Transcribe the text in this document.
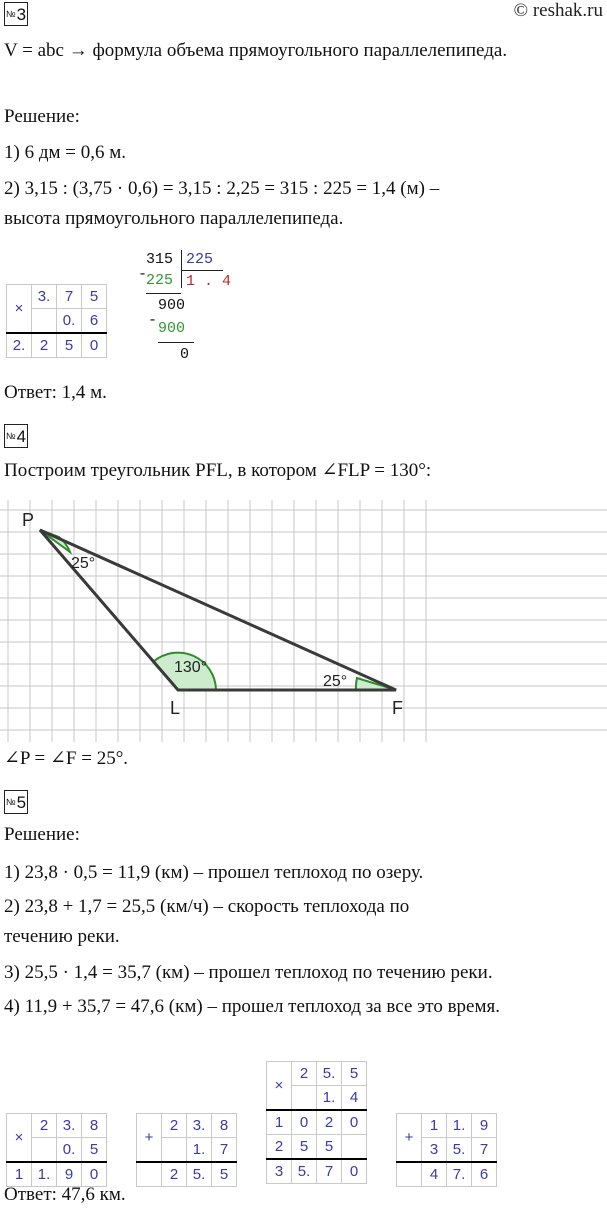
№ 3	© reshak.ru
V = abc → формула объема прямоугольного параллелепипеда.
Решение:
1) 6 дм = 0,6 м.
2) 3,15 : (3,75 · 0,6) = 3,15 : 2,25 = 315 : 225 = 1,4 (м) –
высота прямоугольного параллелепипеда.
×	3.	7	5
		0.	6
2.	2	5	0
-
315 225
225 1 . 4
900
- 900
0
Ответ: 1,4 м.
№ 4
Построим треугольник PFL, в котором ∠FLP = 130°:
P
L	F
25°
130°
25°
∠P = ∠F = 25°.
№ 5
Решение:
1) 23,8 · 0,5 = 11,9 (км) – прошел теплоход по озеру.
2) 23,8 + 1,7 = 25,5 (км/ч) – скорость теплохода по
течению реки.
3) 25,5 · 1,4 = 35,7 (км) – прошел теплоход по течению реки.
4) 11,9 + 35,7 = 47,6 (км) – прошел теплоход за все это время.
×	2	3.	8
		0.	5
1	1.	9	0
+	2	3.	8
		1.	7
	2	5.	5
×	2	5.	5
		1.	4
1	0	2	0
2	5	5	
3	5.	7	0
+	1	1.	9
	3	5.	7
	4	7.	6
Ответ: 47,6 км.
